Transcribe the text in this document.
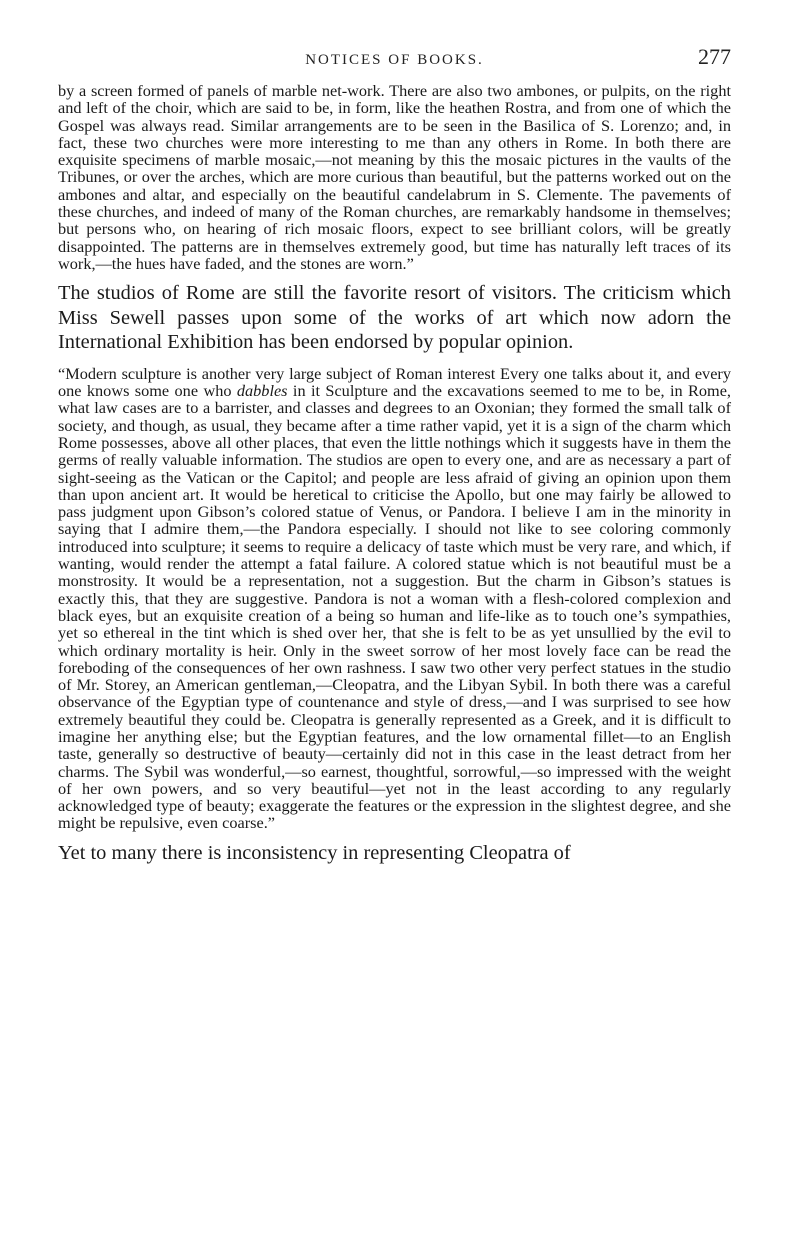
NOTICES OF BOOKS.	277

by a screen formed of panels of marble net-work. There are also two ambones, or pulpits, on the right and left of the choir, which are said to be, in form, like the heathen Rostra, and from one of which the Gospel was always read. Similar arrangements are to be seen in the Basilica of S. Lorenzo; and, in fact, these two churches were more interesting to me than any others in Rome. In both there are exquisite specimens of marble mosaic,—not meaning by this the mosaic pictures in the vaults of the Tribunes, or over the arches, which are more curious than beautiful, but the patterns worked out on the ambones and altar, and especially on the beautiful candelabrum in S. Clemente. The pavements of these churches, and indeed of many of the Roman churches, are remarkably handsome in themselves; but persons who, on hearing of rich mosaic floors, expect to see brilliant colors, will be greatly disappointed. The patterns are in themselves extremely good, but time has naturally left traces of its work,—the hues have faded, and the stones are worn.”

The studios of Rome are still the favorite resort of visitors. The criticism which Miss Sewell passes upon some of the works of art which now adorn the International Exhibition has been endorsed by popular opinion.

“Modern sculpture is another very large subject of Roman interest Every one talks about it, and every one knows some one who dabbles in it Sculpture and the excavations seemed to me to be, in Rome, what law cases are to a barrister, and classes and degrees to an Oxonian; they formed the small talk of society, and though, as usual, they became after a time rather vapid, yet it is a sign of the charm which Rome possesses, above all other places, that even the little nothings which it suggests have in them the germs of really valuable information. The studios are open to every one, and are as necessary a part of sight-seeing as the Vatican or the Capitol; and people are less afraid of giving an opinion upon them than upon ancient art. It would be heretical to criticise the Apollo, but one may fairly be allowed to pass judgment upon Gibson’s colored statue of Venus, or Pandora. I believe I am in the minority in saying that I admire them,—the Pandora especially. I should not like to see coloring commonly introduced into sculpture; it seems to require a delicacy of taste which must be very rare, and which, if wanting, would render the attempt a fatal failure. A colored statue which is not beautiful must be a monstrosity. It would be a representation, not a suggestion. But the charm in Gibson’s statues is exactly this, that they are suggestive. Pandora is not a woman with a flesh-colored complexion and black eyes, but an exquisite creation of a being so human and life-like as to touch one’s sympathies, yet so ethereal in the tint which is shed over her, that she is felt to be as yet unsullied by the evil to which ordinary mortality is heir. Only in the sweet sorrow of her most lovely face can be read the foreboding of the consequences of her own rashness. I saw two other very perfect statues in the studio of Mr. Storey, an American gentleman,—Cleopatra, and the Libyan Sybil. In both there was a careful observance of the Egyptian type of countenance and style of dress,—and I was surprised to see how extremely beautiful they could be. Cleopatra is generally represented as a Greek, and it is difficult to imagine her anything else; but the Egyptian features, and the low ornamental fillet—to an English taste, generally so destructive of beauty—certainly did not in this case in the least detract from her charms. The Sybil was wonderful,—so earnest, thoughtful, sorrowful,—so impressed with the weight of her own powers, and so very beautiful—yet not in the least according to any regularly acknowledged type of beauty; exaggerate the features or the expression in the slightest degree, and she might be repulsive, even coarse.”

Yet to many there is inconsistency in representing Cleopatra of
